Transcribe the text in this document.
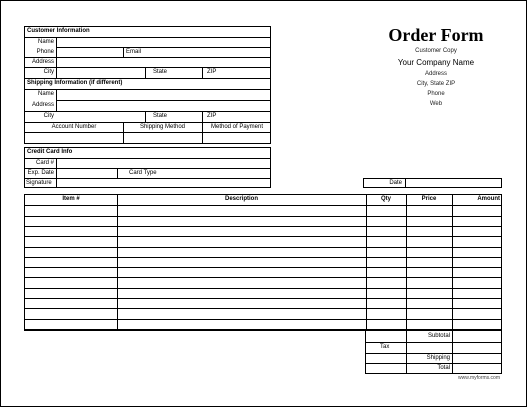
Customer Information
Name
Phone	Email
Address
City	State	ZIP
Shipping Information (if different)
Name
Address
City	State	ZIP
Account Number	Shipping Method	Method of Payment
Order Form
Customer Copy
Your Company Name
Address
City, State ZIP
Phone
Web
Credit Card Info
Card #
Exp. Date	Card Type
Signature	Date
Item #	Description	Qty	Price	Amount
Subtotal
Tax
Shipping
Total
www.myforms.com
